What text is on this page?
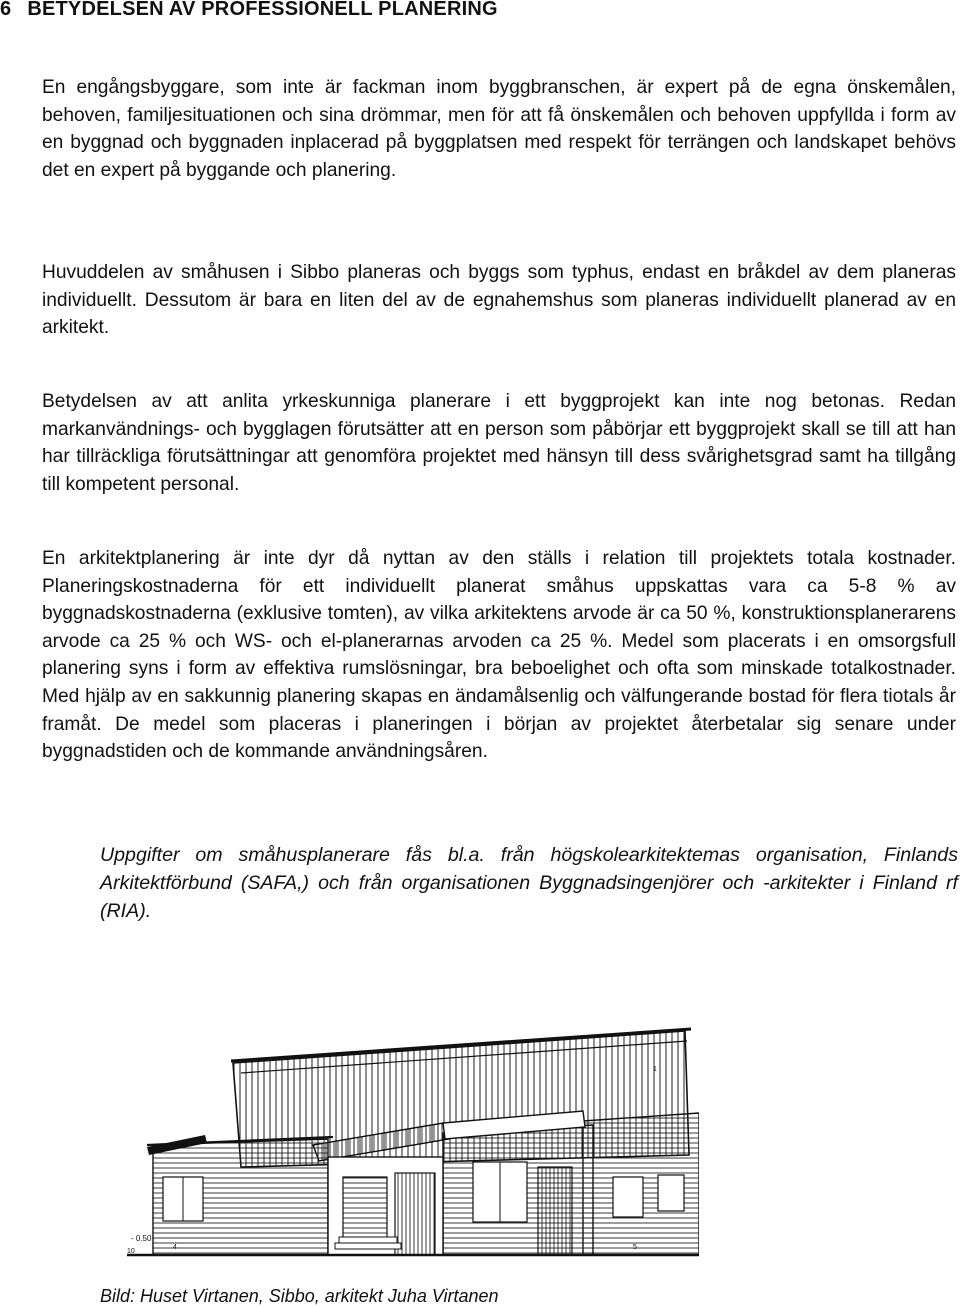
6 BETYDELSEN AV PROFESSIONELL PLANERING

En engångsbyggare, som inte är fackman inom byggbranschen, är expert på de egna önskemålen, behoven, familjesituationen och sina drömmar, men för att få önskemålen och behoven uppfyllda i form av en byggnad och byggnaden inplacerad på byggplatsen med respekt för terrängen och landskapet behövs det en expert på byggande och planering.

Huvuddelen av småhusen i Sibbo planeras och byggs som typhus, endast en bråkdel av dem planeras individuellt. Dessutom är bara en liten del av de egnahemshus som planeras individuellt planerad av en arkitekt.

Betydelsen av att anlita yrkeskunniga planerare i ett byggprojekt kan inte nog betonas. Redan markanvändnings- och bygglagen förutsätter att en person som påbörjar ett byggprojekt skall se till att han har tillräckliga förutsättningar att genomföra projektet med hänsyn till dess svårighetsgrad samt ha tillgång till kompetent personal.

En arkitektplanering är inte dyr då nyttan av den ställs i relation till projektets totala kostnader. Planeringskostnaderna för ett individuellt planerat småhus uppskattas vara ca 5-8 % av byggnadskostnaderna (exklusive tomten), av vilka arkitektens arvode är ca 50 %, konstruktionsplanerarens arvode ca 25 % och WS- och el-planerarnas arvoden ca 25 %. Medel som placerats i en omsorgsfull planering syns i form av effektiva rumslösningar, bra beboelighet och ofta som minskade totalkostnader. Med hjälp av en sakkunnig planering skapas en ändamålsenlig och välfungerande bostad för flera tiotals år framåt. De medel som placeras i planeringen i början av projektet återbetalar sig senare under byggnadstiden och de kommande användningsåren.

Uppgifter om småhusplanerare fås bl.a. från högskolearkitektemas organisation, Finlands Arkitektförbund (SAFA,) och från organisationen Byggnadsingenjörer och -arkitekter i Finland rf (RIA).

- 0.50
1
4	5
10
Bild: Huset Virtanen, Sibbo, arkitekt Juha Virtanen
